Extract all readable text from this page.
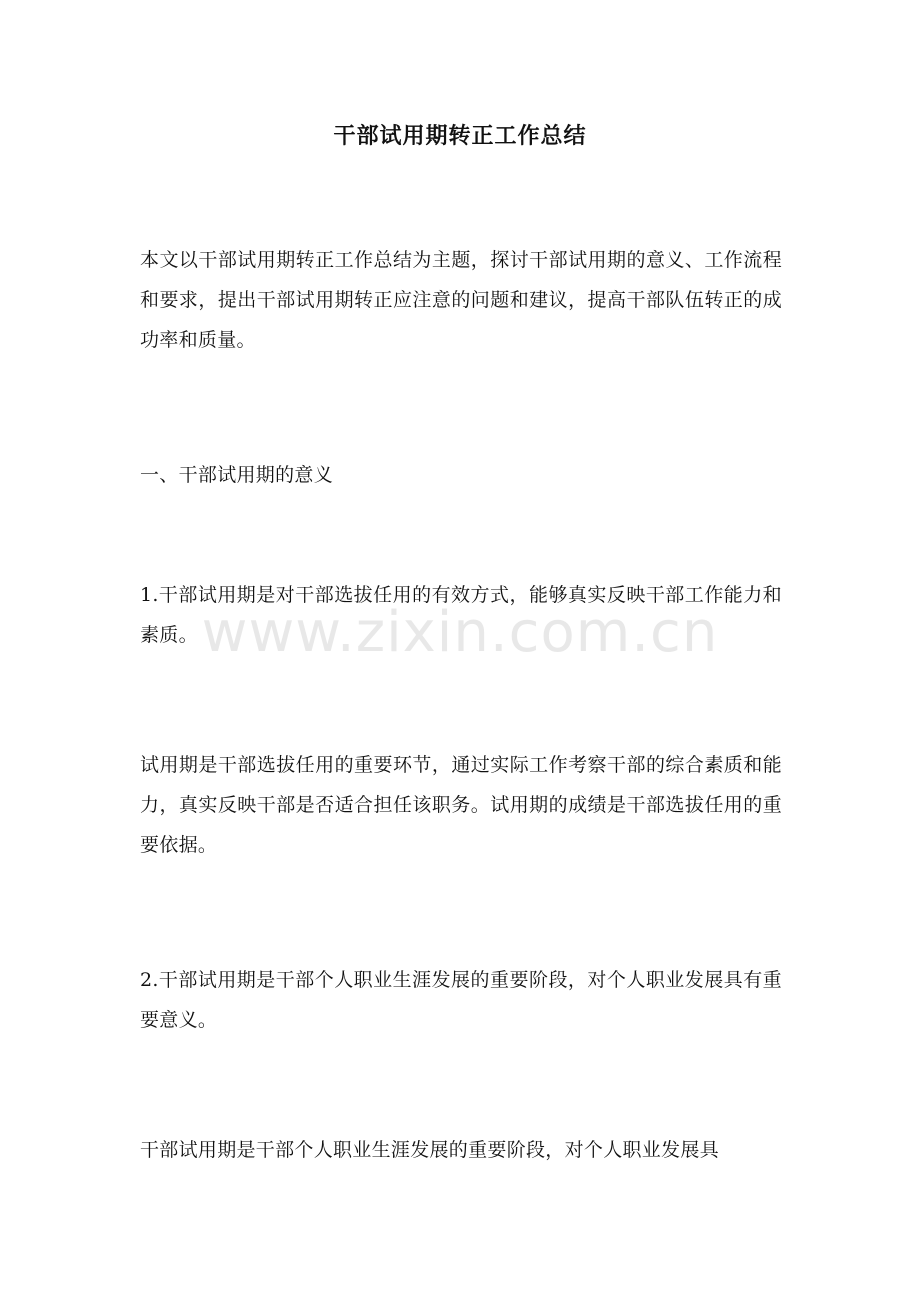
干部试用期转正工作总结

本文以干部试用期转正工作总结为主题，探讨干部试用期的意义、工作流程和要求，提出干部试用期转正应注意的问题和建议，提高干部队伍转正的成功率和质量。

一、干部试用期的意义

1.干部试用期是对干部选拔任用的有效方式，能够真实反映干部工作能力和素质。

试用期是干部选拔任用的重要环节，通过实际工作考察干部的综合素质和能力，真实反映干部是否适合担任该职务。试用期的成绩是干部选拔任用的重要依据。

2.干部试用期是干部个人职业生涯发展的重要阶段，对个人职业发展具有重要意义。

干部试用期是干部个人职业生涯发展的重要阶段，对个人职业发展具

www.zixin.com.cn
